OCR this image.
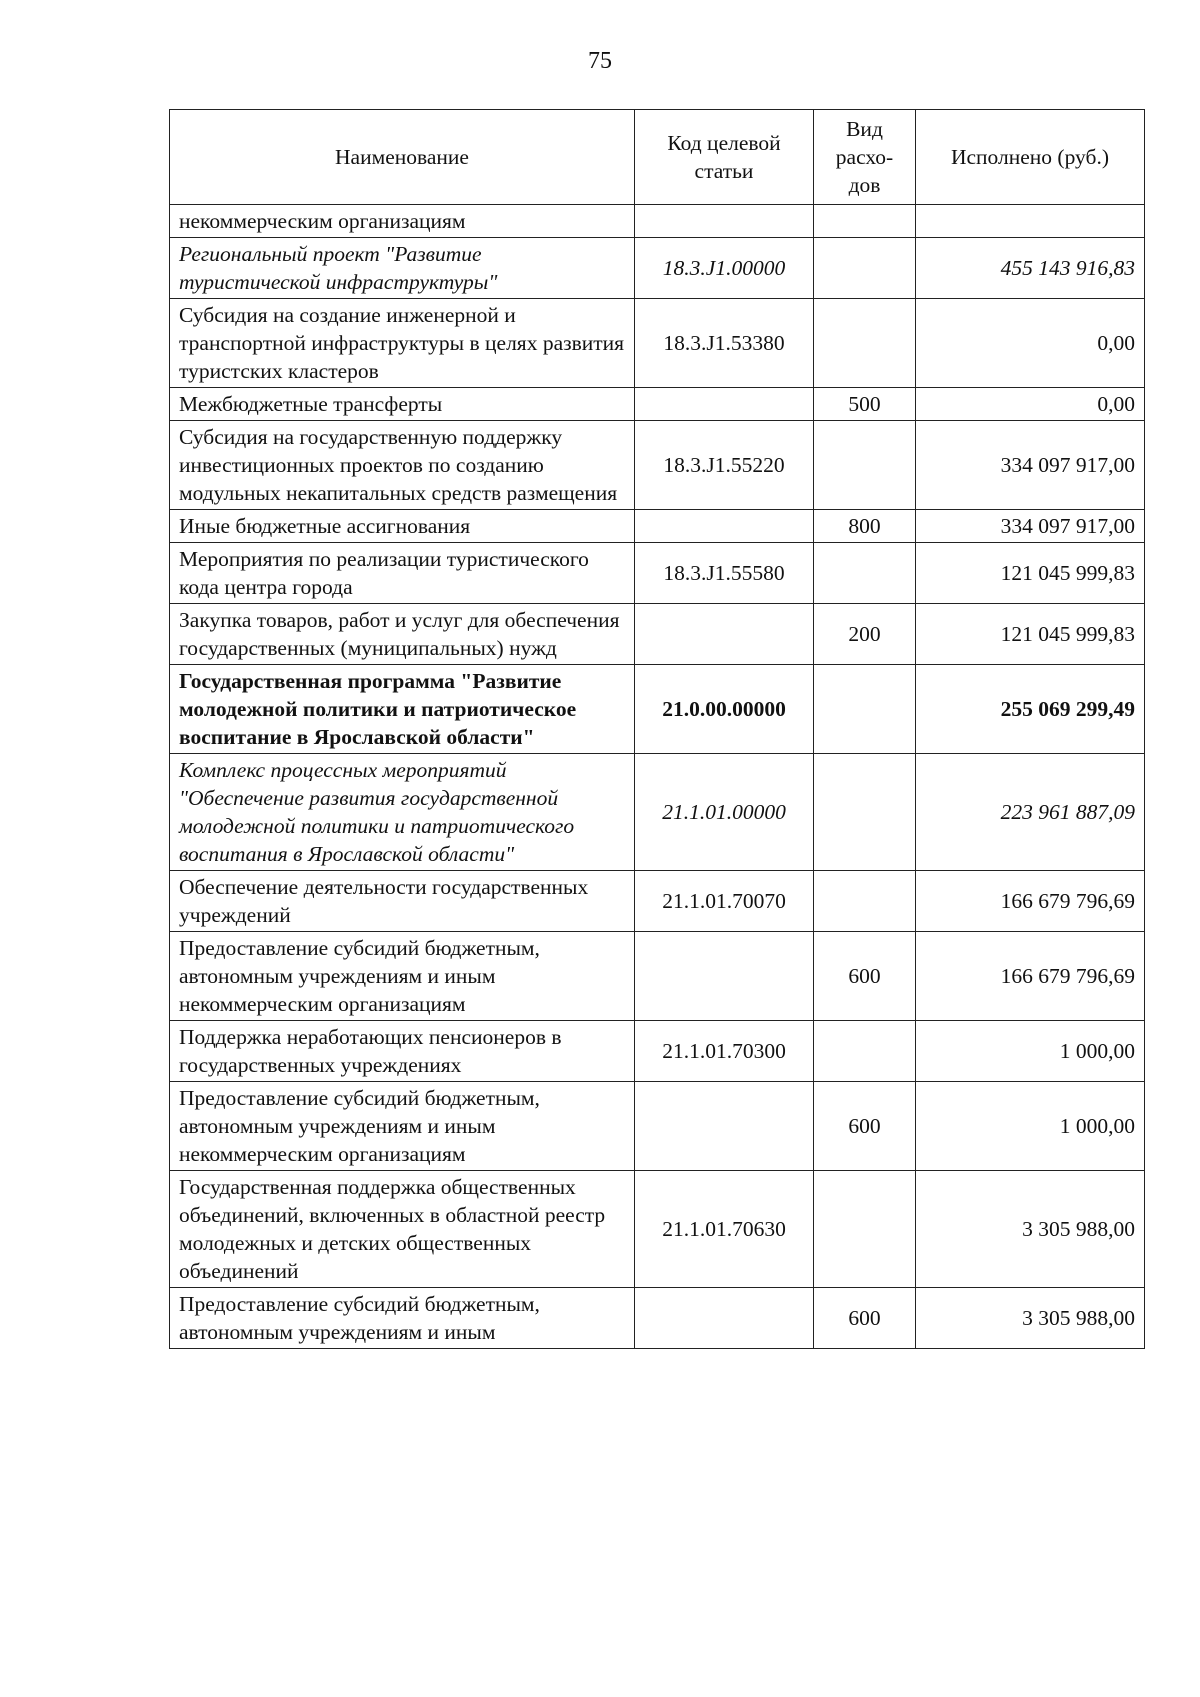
75
Наименование	Код целевой статьи	Вид расхо-дов	Исполнено (руб.)
некоммерческим организациям			
Региональный проект "Развитие туристической инфраструктуры"	18.3.J1.00000		455 143 916,83
Субсидия на создание инженерной и транспортной инфраструктуры в целях развития туристских кластеров	18.3.J1.53380		0,00
Межбюджетные трансферты		500	0,00
Субсидия на государственную поддержку инвестиционных проектов по созданию модульных некапитальных средств размещения	18.3.J1.55220		334 097 917,00
Иные бюджетные ассигнования		800	334 097 917,00
Мероприятия по реализации туристического кода центра города	18.3.J1.55580		121 045 999,83
Закупка товаров, работ и услуг для обеспечения государственных (муниципальных) нужд		200	121 045 999,83
Государственная программа "Развитие молодежной политики и патриотическое воспитание в Ярославской области"	21.0.00.00000		255 069 299,49
Комплекс процессных мероприятий "Обеспечение развития государственной молодежной политики и патриотического воспитания в Ярославской области"	21.1.01.00000		223 961 887,09
Обеспечение деятельности государственных учреждений	21.1.01.70070		166 679 796,69
Предоставление субсидий бюджетным, автономным учреждениям и иным некоммерческим организациям		600	166 679 796,69
Поддержка неработающих пенсионеров в государственных учреждениях	21.1.01.70300		1 000,00
Предоставление субсидий бюджетным, автономным учреждениям и иным некоммерческим организациям		600	1 000,00
Государственная поддержка общественных объединений, включенных в областной реестр молодежных и детских общественных объединений	21.1.01.70630		3 305 988,00
Предоставление субсидий бюджетным, автономным учреждениям и иным		600	3 305 988,00
